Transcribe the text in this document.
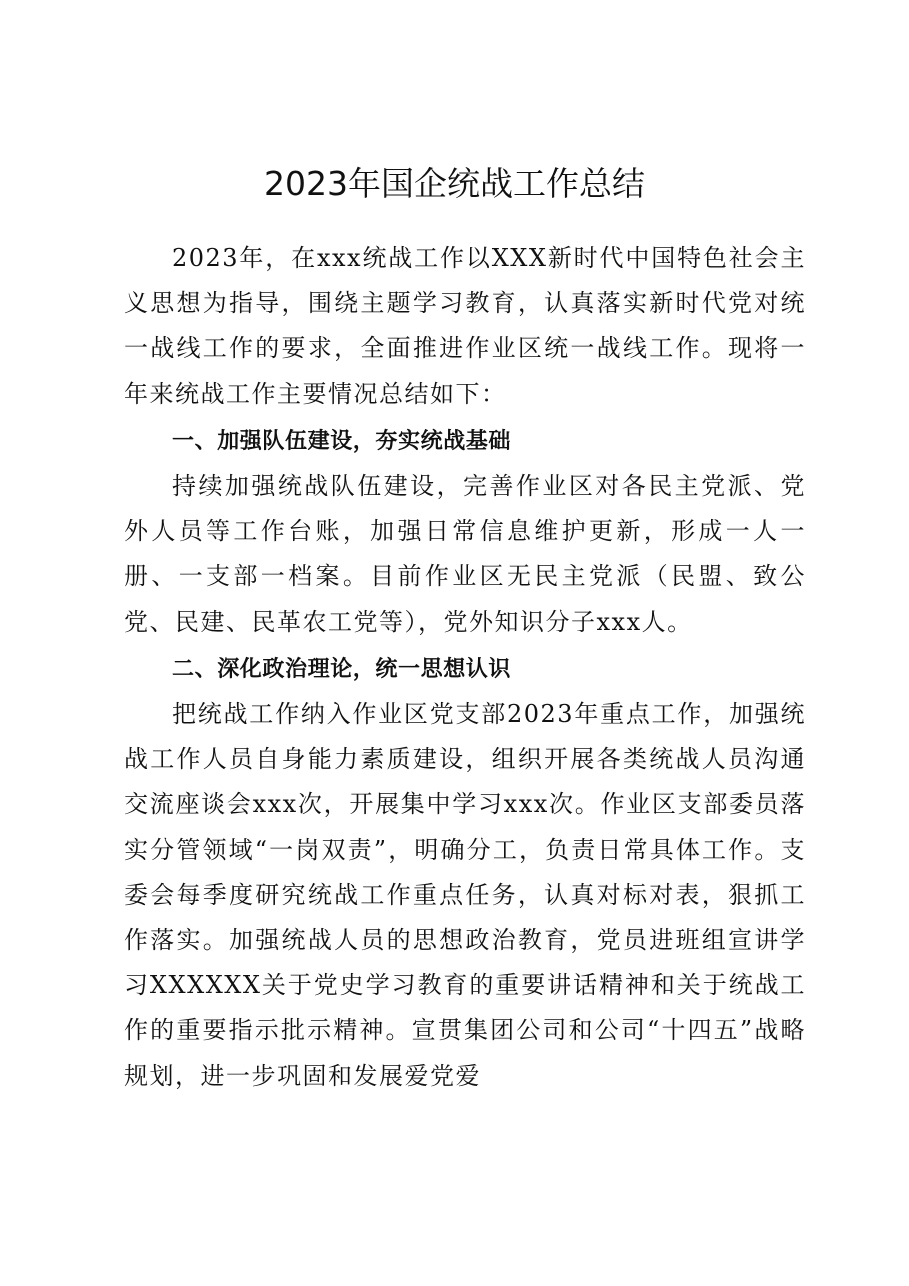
2023年国企统战工作总结

2023年，在xxx统战工作以XXX新时代中国特色社会主义思想为指导，围绕主题学习教育，认真落实新时代党对统一战线工作的要求，全面推进作业区统一战线工作。现将一年来统战工作主要情况总结如下：

一、加强队伍建设，夯实统战基础

持续加强统战队伍建设，完善作业区对各民主党派、党外人员等工作台账，加强日常信息维护更新，形成一人一册、一支部一档案。目前作业区无民主党派（民盟、致公党、民建、民革农工党等），党外知识分子xxx人。

二、深化政治理论，统一思想认识

把统战工作纳入作业区党支部2023年重点工作，加强统战工作人员自身能力素质建设，组织开展各类统战人员沟通交流座谈会xxx次，开展集中学习xxx次。作业区支部委员落实分管领域“一岗双责”，明确分工，负责日常具体工作。支委会每季度研究统战工作重点任务，认真对标对表，狠抓工作落实。加强统战人员的思想政治教育，党员进班组宣讲学习XXXXXX关于党史学习教育的重要讲话精神和关于统战工作的重要指示批示精神。宣贯集团公司和公司“十四五”战略规划，进一步巩固和发展爱党爱
